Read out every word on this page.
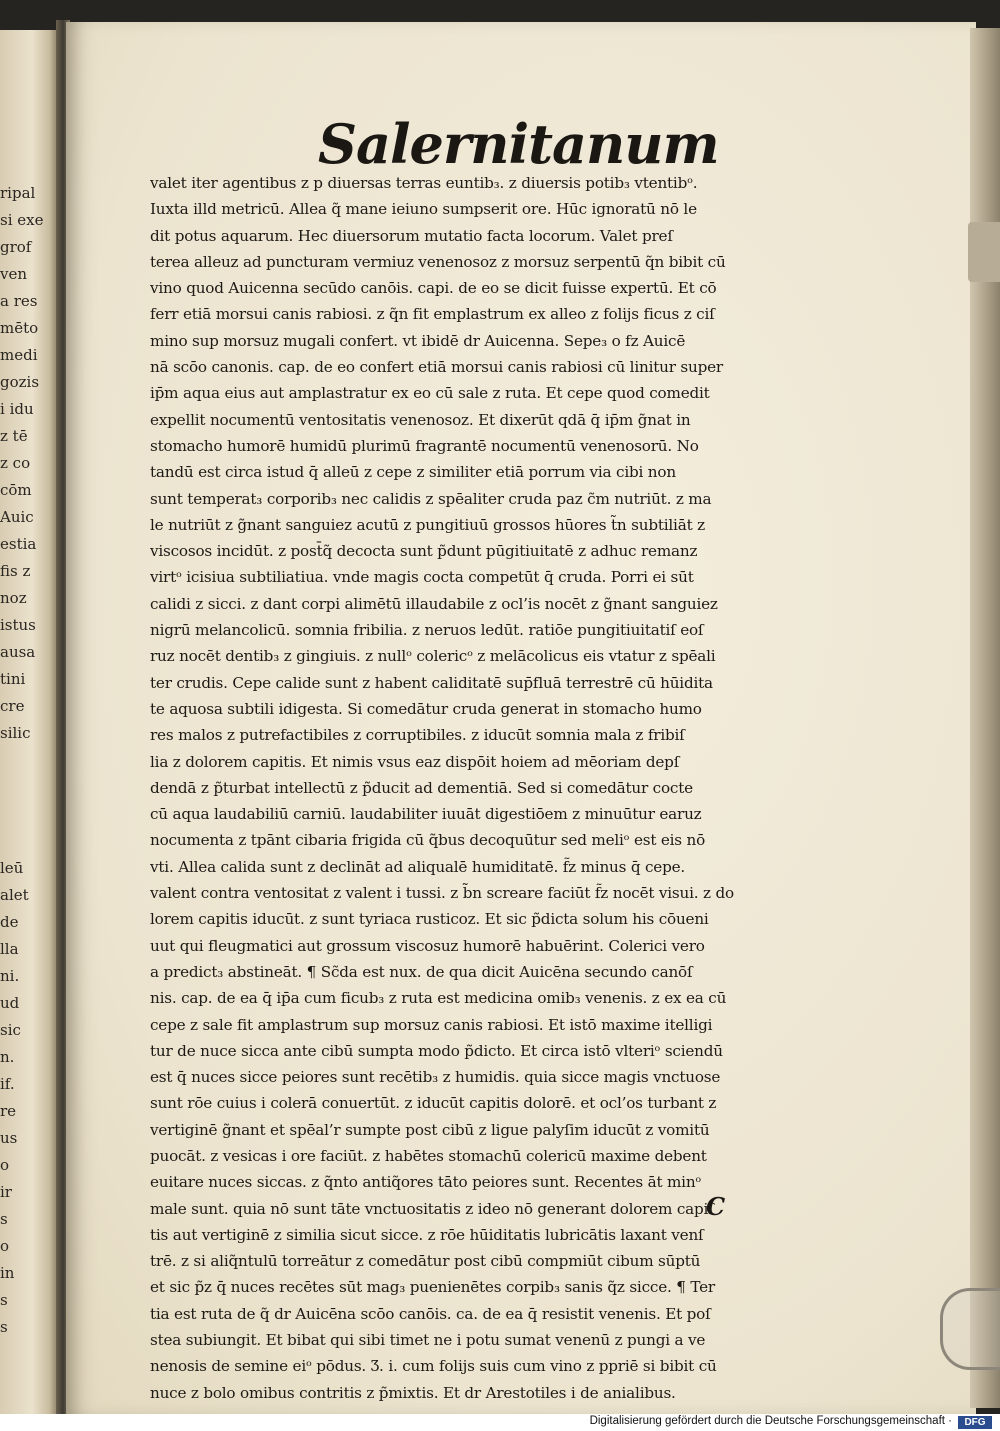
ripal
si exe
grof
ven
a res
mēto
medi
gozis
i idu
z tē
z co
cōm
Auic
estia
fis z
noz
istus
ausa
tini
cre
silic
leū
alet
de
lla
ni.
ud
sic
n.
if.
re
us
o
ir
s
o
in
s
s
Salernitanum
valet iter agentibus z p diuersas terras euntib₃. z diuersis potib₃ vtentibᵒ.
Iuxta illd metricū. Allea q̃ mane ieiuno sumpserit ore. Hūc ignoratū nō le
dit potus aquarum. Hec diuersorum mutatio facta locorum. Valet preſ
terea alleuz ad puncturam vermiuz venenosoz z morsuz serpentū q̃n bibit cū
vino quod Auicenna secūdo canōis. capi. de eo se dicit fuisse expertū. Et cō
ferr etiā morsui canis rabiosi. z q̃n fit emplastrum ex alleo z folijs ficus z ciſ
mino sup morsuz mugali confert. vt ibidē dr Auicenna. Sepe₃ o fz Auicē
nā scōo canonis. cap. de eo confert etiā morsui canis rabiosi cū linitur super
ip̄m aqua eius aut amplastratur ex eo cū sale z ruta. Et cepe quod comedit
expellit nocumentū ventositatis venenosoz. Et dixerūt qdā q̄ ip̄m g̃nat in
stomacho humorē humidū plurimū fragrantē nocumentū venenosorū. No
tandū est circa istud q̄ alleū z cepe z similiter etiā porrum via cibi non
sunt temperat₃ corporib₃ nec calidis z spēaliter cruda paz c̃m nutriūt. z ma
le nutriūt z g̃nant sanguiez acutū z pungitiuū grossos hūores t̃n subtiliāt z
viscosos incidūt. z post̄q̃ decocta sunt p̃dunt pūgitiuitatē z adhuc remanz
virtᵒ icisiua subtiliatiua. vnde magis cocta competūt q̄ cruda. Porri ei sūt
calidi z sicci. z dant corpi alimētū illaudabile z ocl’is nocēt z g̃nant sanguiez
nigrū melancolicū. somnia fribilia. z neruos ledūt. ratiōe pungitiuitatiſ eoſ
ruz nocēt dentib₃ z gingiuis. z nullᵒ colericᵒ z melācolicus eis vtatur z spēali
ter crudis. Cepe calide sunt z habent caliditatē sup̄fluā terrestrē cū hūidita
te aquosa subtili idigesta. Si comedātur cruda generat in stomacho humo
res malos z putrefactibiles z corruptibiles. z iducūt somnia mala z fribiſ
lia z dolorem capitis. Et nimis vsus eaz dispōit hoiem ad mēoriam depſ
dendā z p̃turbat intellectū z p̃ducit ad dementiā. Sed si comedātur cocte
cū aqua laudabiliū carniū. laudabiliter iuuāt digestiōem z minuūtur earuz
nocumenta z tpānt cibaria frigida cū q̃bus decoquūtur sed meliᵒ est eis nō
vti. Allea calida sunt z declināt ad aliqualē humiditatē. f̃z minus q̄ cepe.
valent contra ventositat z valent i tussi. z b̃n screare faciūt f̃z nocēt visui. z do
lorem capitis iducūt. z sunt tyriaca rusticoz. Et sic p̃dicta solum his cōueni
uut qui fleugmatici aut grossum viscosuz humorē habuērint. Colerici vero
a predict₃ abstineāt. ¶ Sc̃da est nux. de qua dicit Auicēna secundo canōſ
nis. cap. de ea q̄ ip̄a cum ficub₃ z ruta est medicina omib₃ venenis. z ex ea cū
cepe z sale fit amplastrum sup morsuz canis rabiosi. Et istō maxime itelligi
tur de nuce sicca ante cibū sumpta modo p̃dicto. Et circa istō vlteriᵒ sciendū
est q̄ nuces sicce peiores sunt recētib₃ z humidis. quia sicce magis vnctuose
sunt rōe cuius i colerā conuertūt. z iducūt capitis dolorē. et ocl’os turbant z
vertiginē g̃nant et spēal’r sumpte post cibū z ligue palyſim iducūt z vomitū
puocāt. z vesicas i ore faciūt. z habētes stomachū colericū maxime debent
euitare nuces siccas. z q̃nto antiq̃ores tāto peiores sunt. Recentes āt minᵒ
male sunt. quia nō sunt tāte vnctuositatis z ideo nō generant dolorem capiſ
tis aut vertiginē z similia sicut sicce. z rōe hūiditatis lubricātis laxant venſ
trē. z si aliq̃ntulū torreātur z comedātur post cibū compmiūt cibum sūptū
et sic p̃z q̄ nuces recētes sūt mag₃ puenienētes corpib₃ sanis q̃z sicce. ¶ Ter
tia est ruta de q̃ dr Auicēna scōo canōis. ca. de ea q̄ resistit venenis. Et poſ
stea subiungit. Et bibat qui sibi timet ne i potu sumat venenū z pungi a ve
nenosis de semine eiᵒ pōdus. Ʒ. i. cum folijs suis cum vino z ppriē si bibit cū
nuce z bolo omibus contritis z p̃mixtis. Et dr Arestotiles i de anialibus.
C
Digitalisierung gefördert durch die Deutsche Forschungsgemeinschaft ·	DFG
